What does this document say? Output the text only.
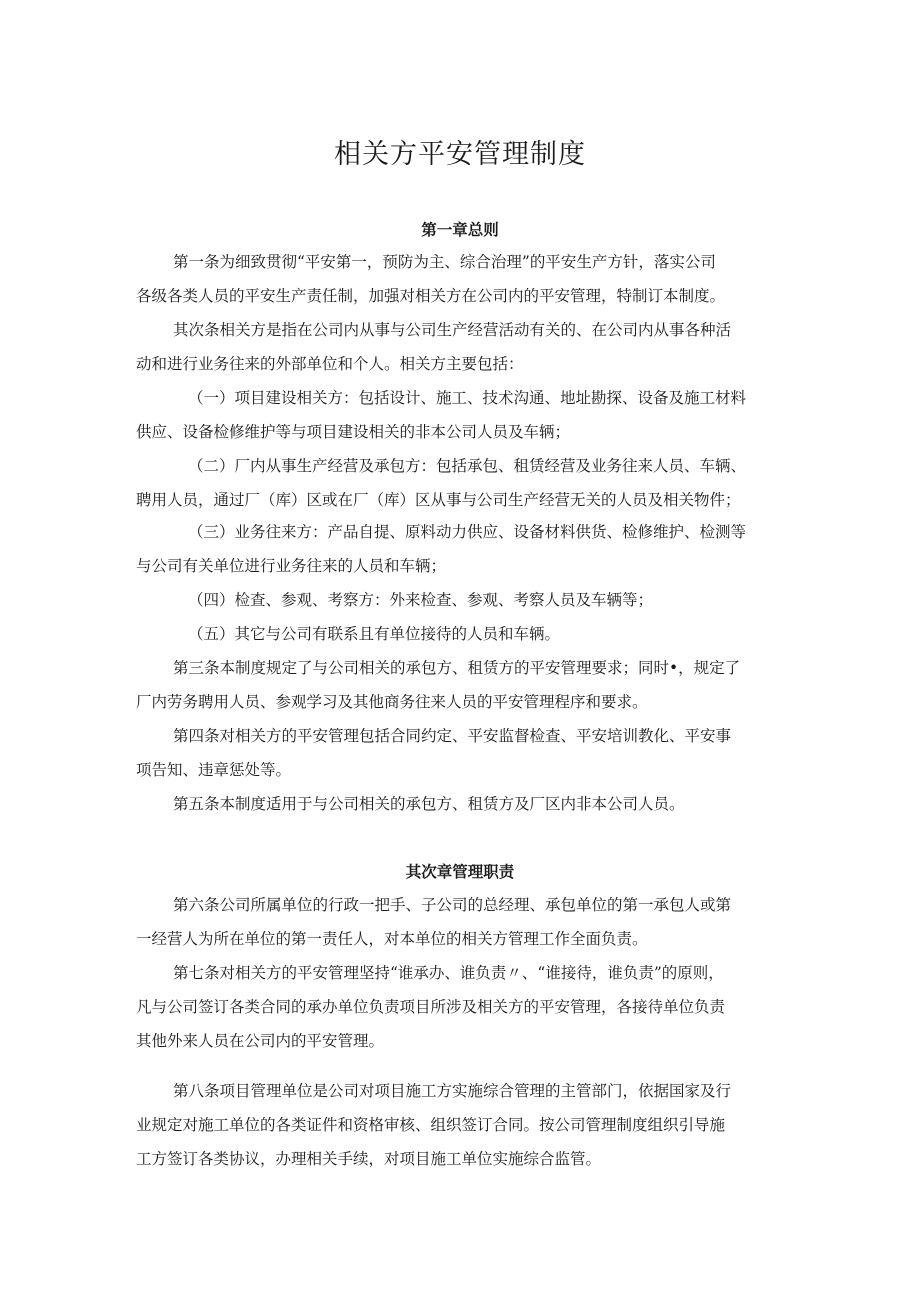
相关方平安管理制度
第一章总则

第一条为细致贯彻“平安第一，预防为主、综合治理”的平安生产方针，落实公司

各级各类人员的平安生产责任制，加强对相关方在公司内的平安管理，特制订本制度。

其次条相关方是指在公司内从事与公司生产经营活动有关的、在公司内从事各种活

动和进行业务往来的外部单位和个人。相关方主要包括：

（一）项目建设相关方：包括设计、施工、技术沟通、地址勘探、设备及施工材料

供应、设备检修维护等与项目建设相关的非本公司人员及车辆；

（二）厂内从事生产经营及承包方：包括承包、租赁经营及业务往来人员、车辆、

聘用人员，通过厂（库）区或在厂（库）区从事与公司生产经营无关的人员及相关物件；

（三）业务往来方：产品自提、原料动力供应、设备材料供货、检修维护、检测等

与公司有关单位进行业务往来的人员和车辆；

（四）检查、参观、考察方：外来检查、参观、考察人员及车辆等；

（五）其它与公司有联系且有单位接待的人员和车辆。

第三条本制度规定了与公司相关的承包方、租赁方的平安管理要求；同时•，规定了

厂内劳务聘用人员、参观学习及其他商务往来人员的平安管理程序和要求。

第四条对相关方的平安管理包括合同约定、平安监督检查、平安培训教化、平安事

项告知、违章惩处等。

第五条本制度适用于与公司相关的承包方、租赁方及厂区内非本公司人员。

其次章管理职责

第六条公司所属单位的行政一把手、子公司的总经理、承包单位的第一承包人或第

一经营人为所在单位的第一责任人，对本单位的相关方管理工作全面负责。

第七条对相关方的平安管理坚持“谁承办、谁负责〃、“谁接待，谁负责”的原则，

凡与公司签订各类合同的承办单位负责项目所涉及相关方的平安管理，各接待单位负责

其他外来人员在公司内的平安管理。

第八条项目管理单位是公司对项目施工方实施综合管理的主管部门，依据国家及行

业规定对施工单位的各类证件和资格审核、组织签订合同。按公司管理制度组织引导施

工方签订各类协议，办理相关手续，对项目施工单位实施综合监管。
